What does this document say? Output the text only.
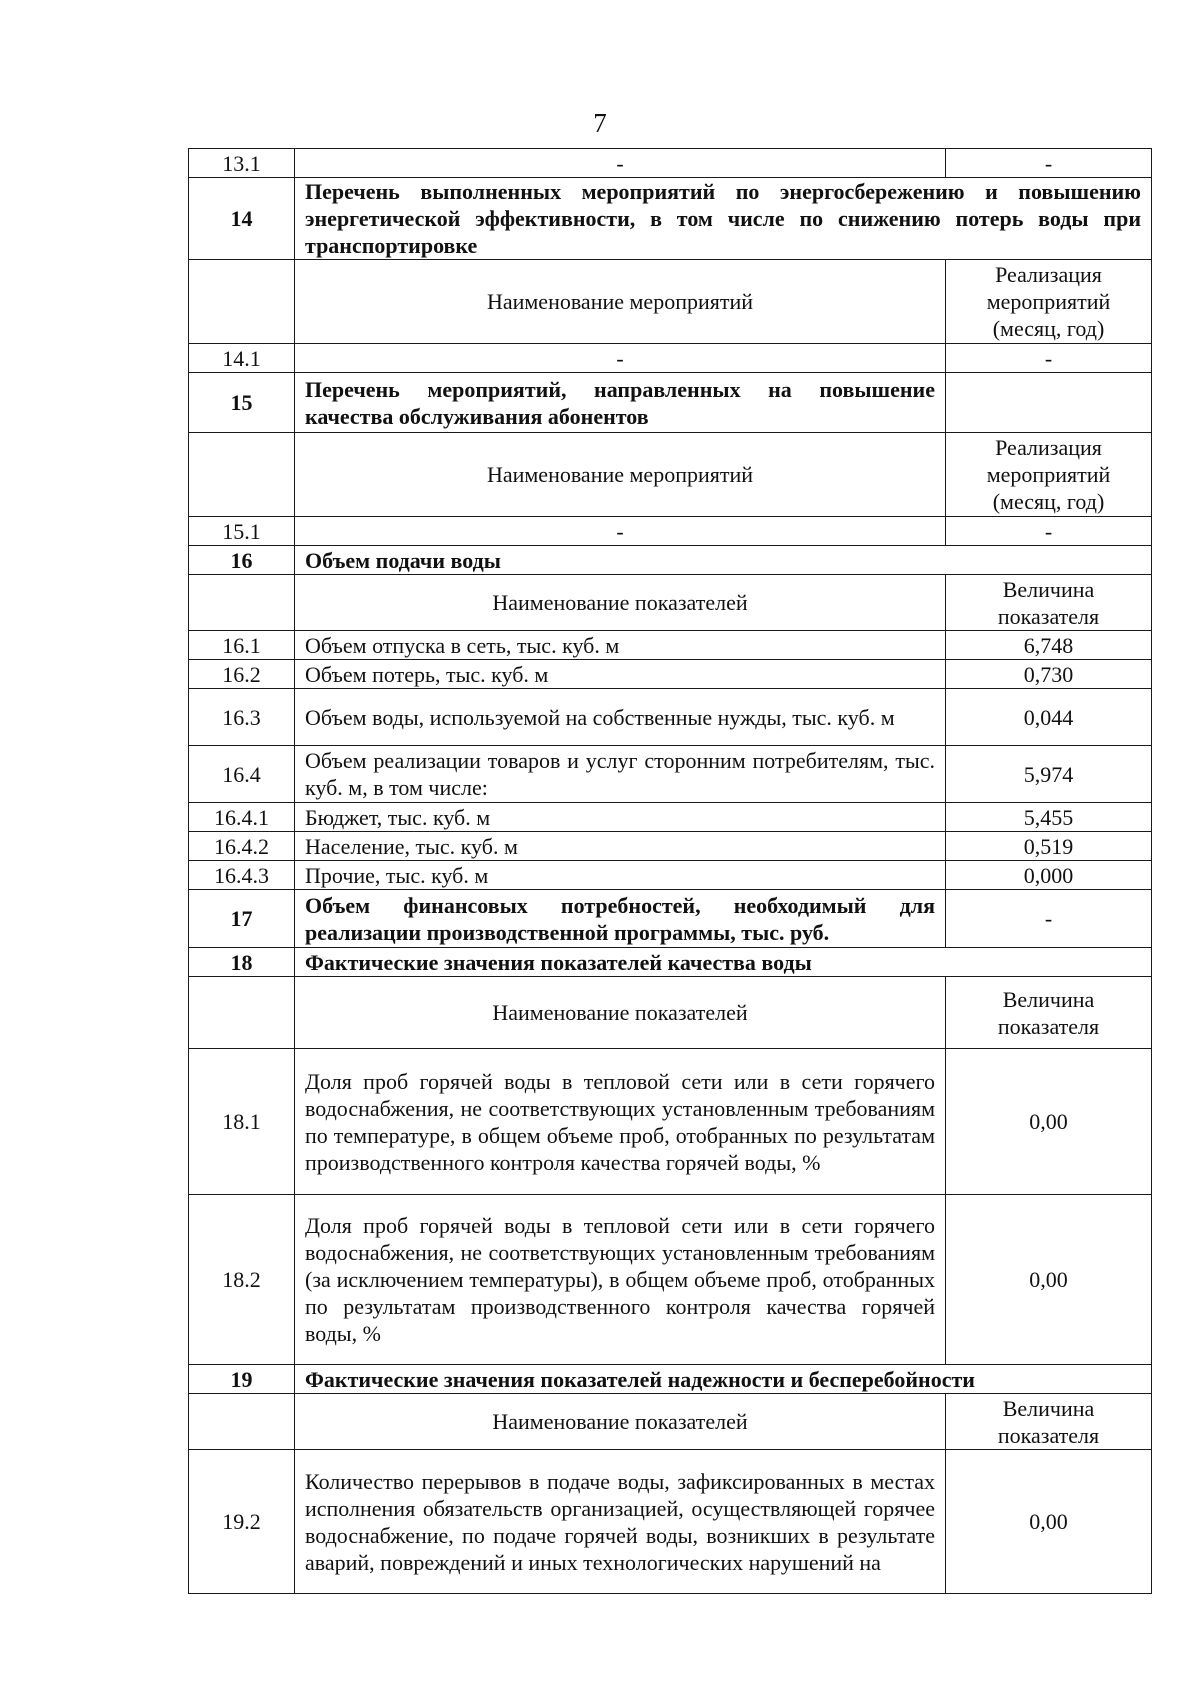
7
13.1	-	-
14	Перечень выполненных мероприятий по энергосбережению и повышению энергетической эффективности, в том числе по снижению потерь воды при транспортировке	
	Наименование мероприятий	Реализация мероприятий (месяц, год)
14.1	-	-
15	Перечень мероприятий, направленных на повышение качества обслуживания абонентов	
	Наименование мероприятий	Реализация мероприятий (месяц, год)
15.1	-	-
16	Объем подачи воды	
	Наименование показателей	Величина показателя
16.1	Объем отпуска в сеть, тыс. куб. м	6,748
16.2	Объем потерь, тыс. куб. м	0,730
16.3	Объем воды, используемой на собственные нужды, тыс. куб. м	0,044
16.4	Объем реализации товаров и услуг сторонним потребителям, тыс. куб. м, в том числе:	5,974
16.4.1	Бюджет, тыс. куб. м	5,455
16.4.2	Население, тыс. куб. м	0,519
16.4.3	Прочие, тыс. куб. м	0,000
17	Объем финансовых потребностей, необходимый для реализации производственной программы, тыс. руб.	-
18	Фактические значения показателей качества воды	
	Наименование показателей	Величина показателя
18.1	Доля проб горячей воды в тепловой сети или в сети горячего водоснабжения, не соответствующих установленным требованиям по температуре, в общем объеме проб, отобранных по результатам производственного контроля качества горячей воды, %	0,00
18.2	Доля проб горячей воды в тепловой сети или в сети горячего водоснабжения, не соответствующих установленным требованиям (за исключением температуры), в общем объеме проб, отобранных по результатам производственного контроля качества горячей воды, %	0,00
19	Фактические значения показателей надежности и бесперебойности	
	Наименование показателей	Величина показателя
19.2	Количество перерывов в подаче воды, зафиксированных в местах исполнения обязательств организацией, осуществляющей горячее водоснабжение, по подаче горячей воды, возникших в результате аварий, повреждений и иных технологических нарушений на	0,00
